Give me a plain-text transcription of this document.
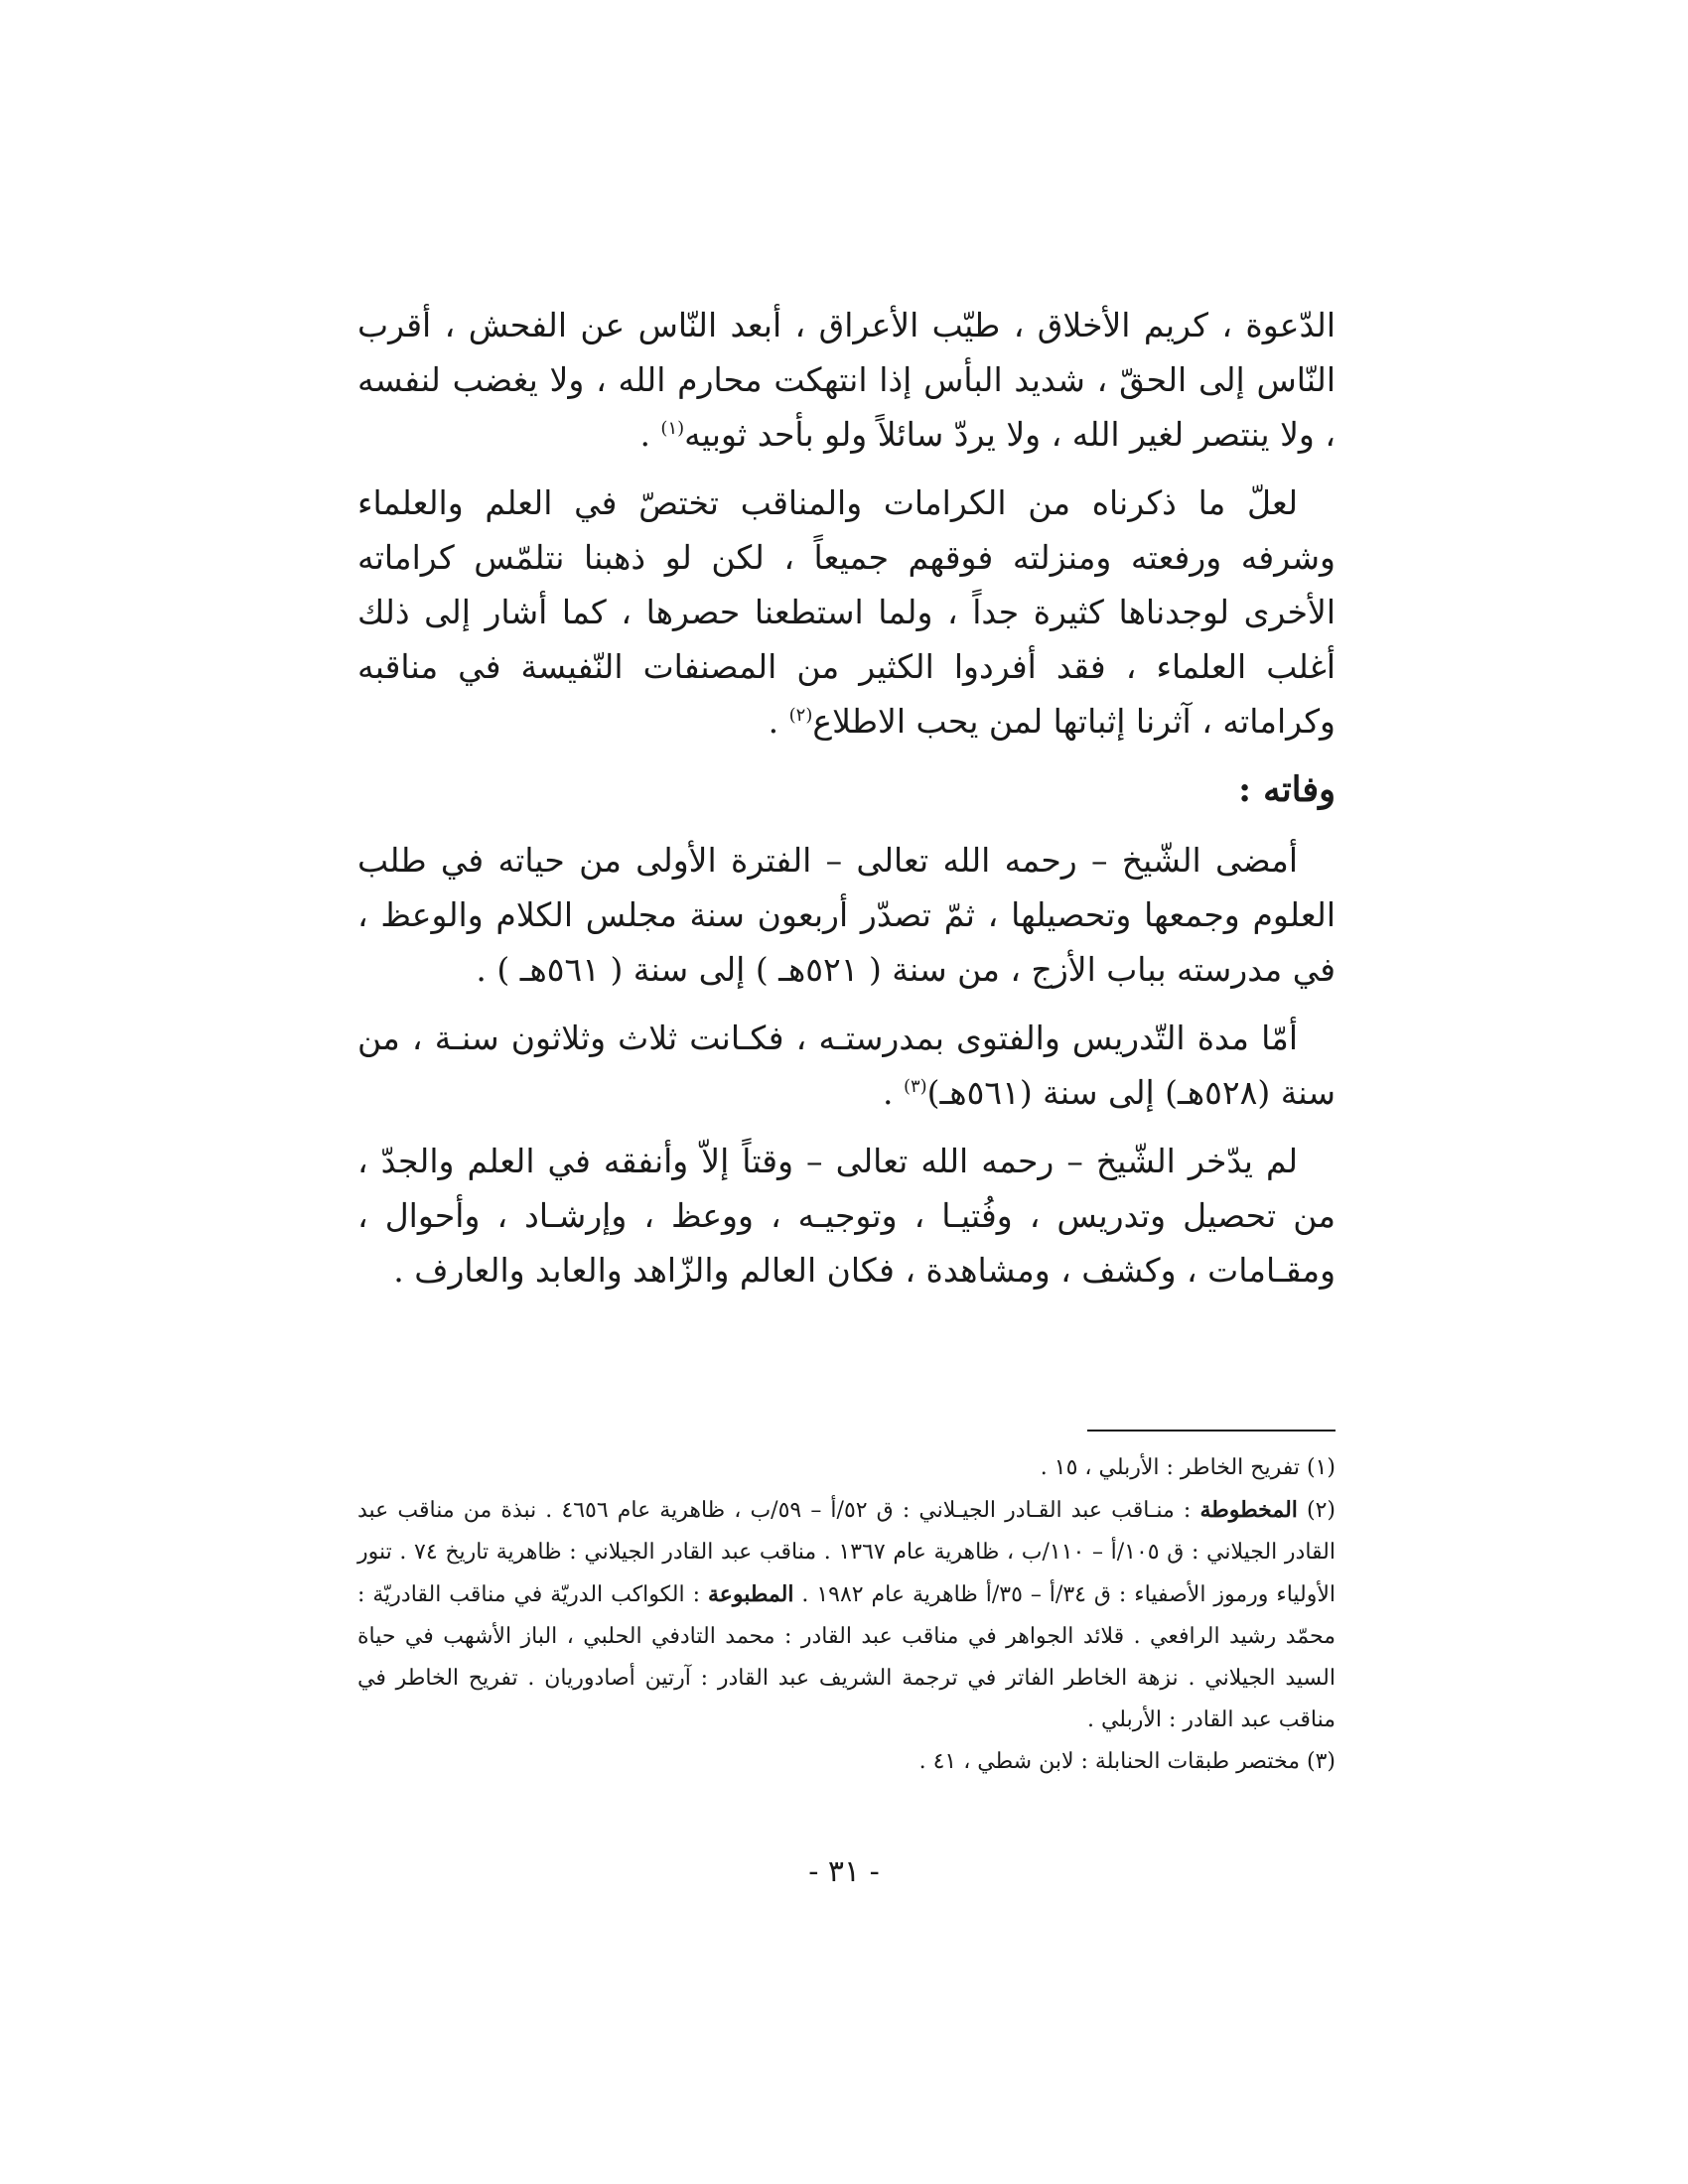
الدّعوة ، كريم الأخلاق ، طيّب الأعراق ، أبعد النّاس عن الفحش ، أقرب النّاس إلى الحقّ ، شديد البأس إذا انتهكت محارم الله ، ولا يغضب لنفسه ، ولا ينتصر لغير الله ، ولا يردّ سائلاً ولو بأحد ثوبيه$^{(١)}$ .

لعلّ ما ذكرناه من الكرامات والمناقب تختصّ في العلم والعلماء وشرفه ورفعته ومنزلته فوقهم جميعاً ، لكن لو ذهبنا نتلمّس كراماته الأخرى لوجدناها كثيرة جداً ، ولما استطعنا حصرها ، كما أشار إلى ذلك أغلب العلماء ، فقد أفردوا الكثير من المصنفات النّفيسة في مناقبه وكراماته ، آثرنا إثباتها لمن يحب الاطلاع$^{(٢)}$ .

وفاته :

أمضى الشّيخ – رحمه الله تعالى – الفترة الأولى من حياته في طلب العلوم وجمعها وتحصيلها ، ثمّ تصدّر أربعون سنة مجلس الكلام والوعظ ، في مدرسته بباب الأزج ، من سنة ( ٥٢١هـ ) إلى سنة ( ٥٦١هـ ) .

أمّا مدة التّدريس والفتوى بمدرستـه ، فكـانت ثلاث وثلاثون سنـة ، من سنة (٥٢٨هـ) إلى سنة (٥٦١هـ)$^{(٣)}$ .

لم يدّخر الشّيخ – رحمه الله تعالى – وقتاً إلاّ وأنفقه في العلم والجدّ ، من تحصيل وتدريس ، وفُتيـا ، وتوجيـه ، ووعظ ، وإرشـاد ، وأحوال ، ومقـامات ، وكشف ، ومشاهدة ، فكان العالم والزّاهد والعابد والعارف .

(١) تفريح الخاطر : الأربلي ، ١٥ .

(٢) المخطوطة : منـاقب عبد القـادر الجيـلاني : ق ٥٢/أ – ٥٩/ب ، ظاهرية عام ٤٦٥٦ . نبذة من مناقب عبد القادر الجيلاني : ق ١٠٥/أ – ١١٠/ب ، ظاهرية عام ١٣٦٧ . مناقب عبد القادر الجيلاني : ظاهرية تاريخ ٧٤ . تنور الأولياء ورموز الأصفياء : ق ٣٤/أ – ٣٥/أ ظاهرية عام ١٩٨٢ . المطبوعة : الكواكب الدريّة في مناقب القادريّة : محمّد رشيد الرافعي . قلائد الجواهر في مناقب عبد القادر : محمد التادفي الحلبي ، الباز الأشهب في حياة السيد الجيلاني . نزهة الخاطر الفاتر في ترجمة الشريف عبد القادر : آرتين أصادوريان . تفريح الخاطر في مناقب عبد القادر : الأربلي .

(٣) مختصر طبقات الحنابلة : لابن شطي ، ٤١ .

- ٣١ -
